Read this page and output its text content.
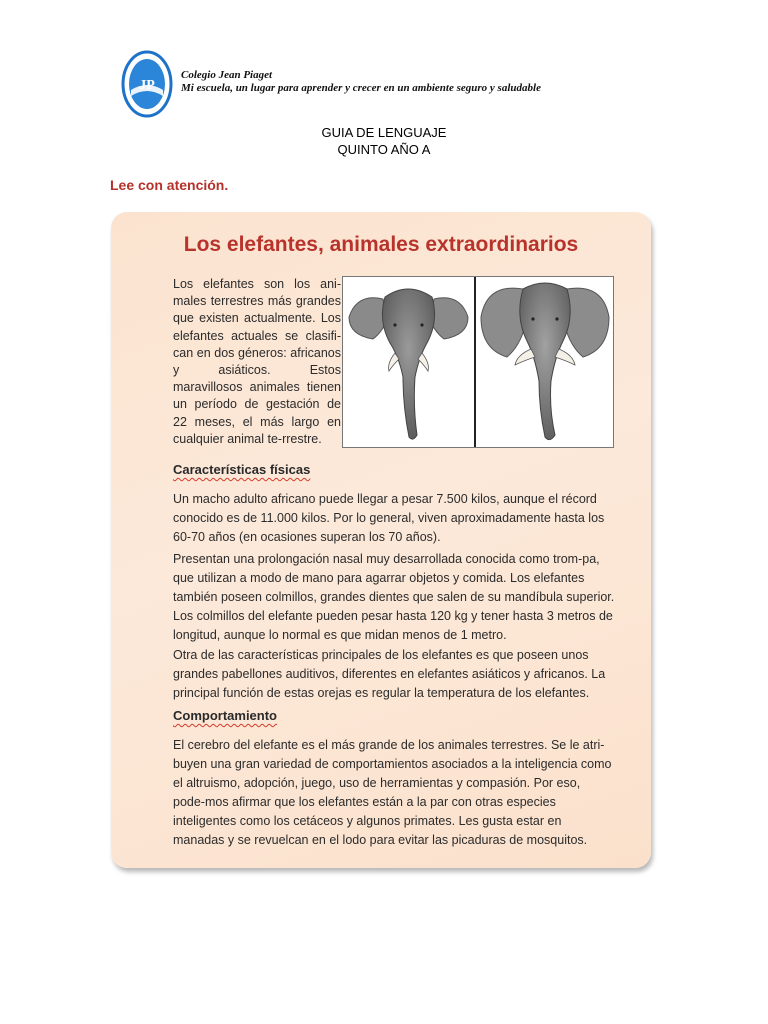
JP
Colegio Jean Piaget
Mi escuela, un lugar para aprender y crecer en un ambiente seguro y saludable
GUIA DE LENGUAJE
QUINTO AÑO A
Lee con atención.
Los elefantes, animales extraordinarios
Los elefantes son los ani-males terrestres más grandes que existen actualmente. Los elefantes actuales se clasifi-can en dos géneros: africanos y asiáticos. Estos maravillosos animales tienen un período de gestación de 22 meses, el más largo en cualquier animal te-rrestre.
Características físicas
Un macho adulto africano puede llegar a pesar 7.500 kilos, aunque el récord conocido es de 11.000 kilos. Por lo general, viven aproximadamente hasta los 60-70 años (en ocasiones superan los 70 años).
Presentan una prolongación nasal muy desarrollada conocida como trom-pa, que utilizan a modo de mano para agarrar objetos y comida. Los elefantes también poseen colmillos, grandes dientes que salen de su mandíbula superior. Los colmillos del elefante pueden pesar hasta 120 kg y tener hasta 3 metros de longitud, aunque lo normal es que midan menos de 1 metro.
Otra de las características principales de los elefantes es que poseen unos grandes pabellones auditivos, diferentes en elefantes asiáticos y africanos. La principal función de estas orejas es regular la temperatura de los elefantes.
Comportamiento
El cerebro del elefante es el más grande de los animales terrestres. Se le atri-buyen una gran variedad de comportamientos asociados a la inteligencia como el altruismo, adopción, juego, uso de herramientas y compasión. Por eso, pode-mos afirmar que los elefantes están a la par con otras especies inteligentes como los cetáceos y algunos primates. Les gusta estar en manadas y se revuelcan en el lodo para evitar las picaduras de mosquitos.
